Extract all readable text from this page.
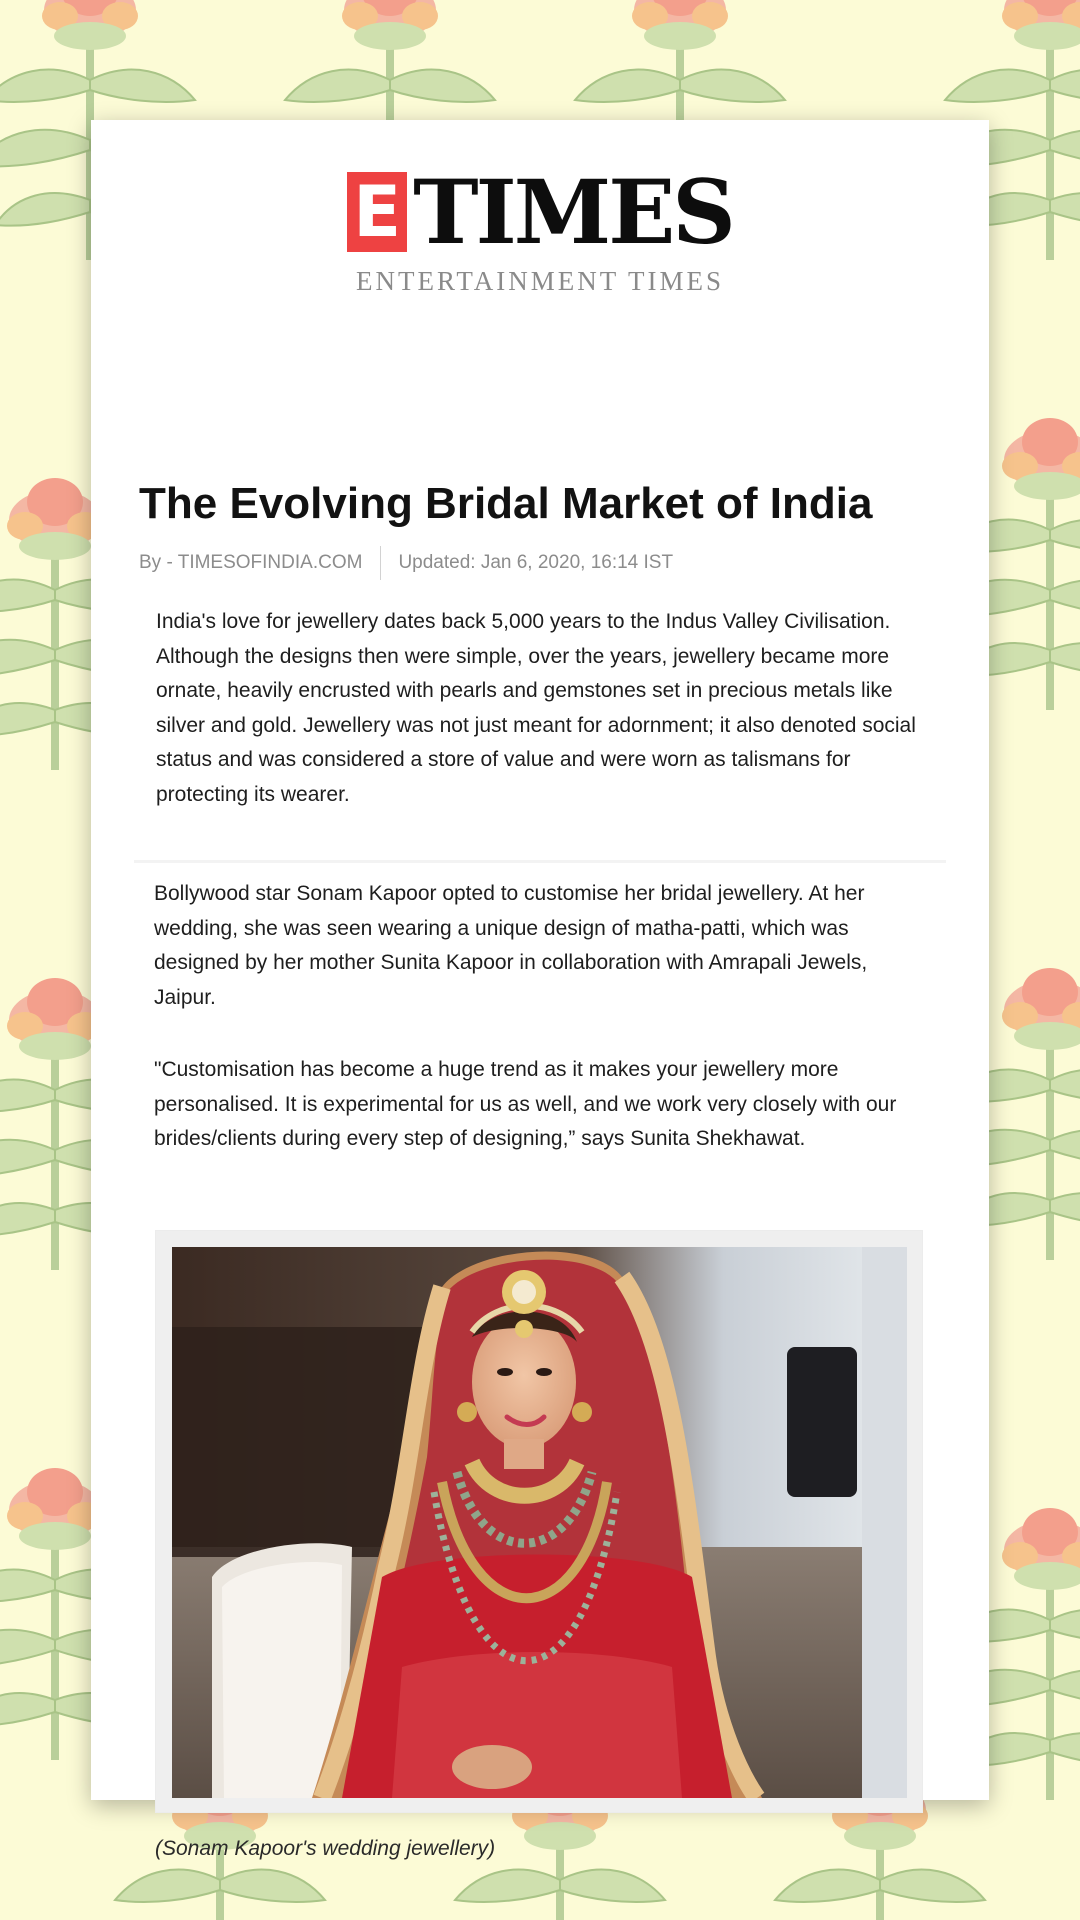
E TIMES
ENTERTAINMENT TIMES
The Evolving Bridal Market of India
By - TIMESOFINDIA.COM Updated: Jan 6, 2020, 16:14 IST

India's love for jewellery dates back 5,000 years to the Indus Valley Civilisation. Although the designs then were simple, over the years, jewellery became more ornate, heavily encrusted with pearls and gemstones set in precious metals like silver and gold. Jewellery was not just meant for adornment; it also denoted social status and was considered a store of value and were worn as talismans for protecting its wearer.

Bollywood star Sonam Kapoor opted to customise her bridal jewellery. At her wedding, she was seen wearing a unique design of matha-patti, which was designed by her mother Sunita Kapoor in collaboration with Amrapali Jewels, Jaipur.

"Customisation has become a huge trend as it makes your jewellery more personalised. It is experimental for us as well, and we work very closely with our brides/clients during every step of designing,” says Sunita Shekhawat.

(Sonam Kapoor's wedding jewellery)
